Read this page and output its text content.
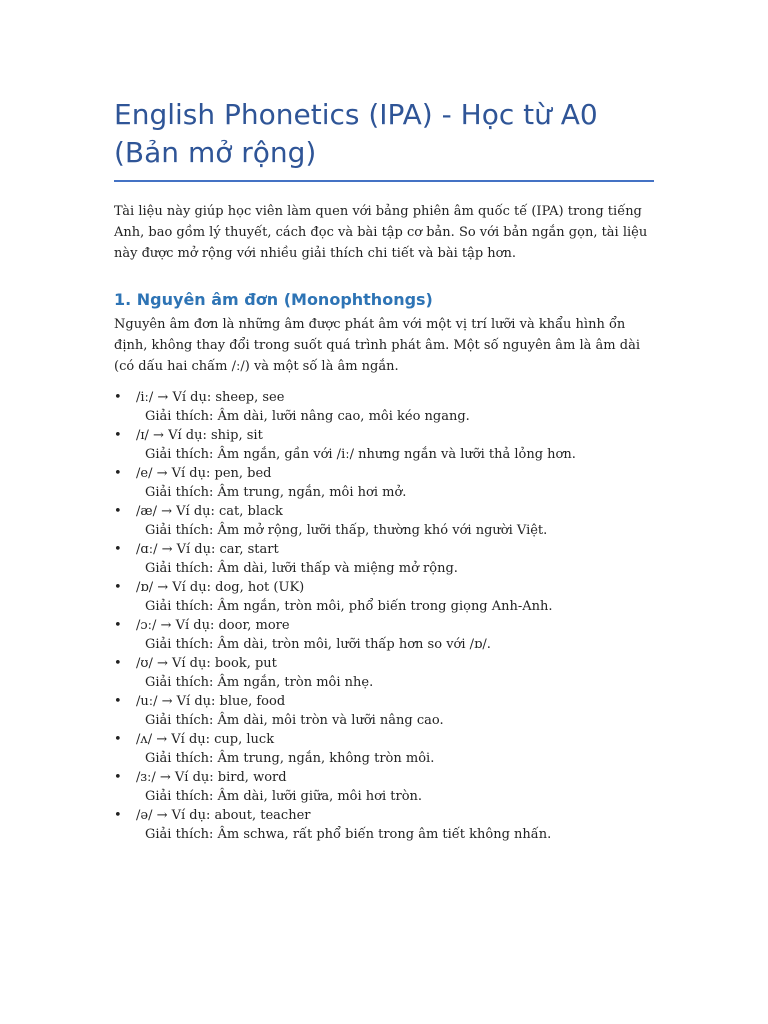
English Phonetics (IPA) - Học từ A0 (Bản mở rộng)

Tài liệu này giúp học viên làm quen với bảng phiên âm quốc tế (IPA) trong tiếng Anh, bao gồm lý thuyết, cách đọc và bài tập cơ bản. So với bản ngắn gọn, tài liệu này được mở rộng với nhiều giải thích chi tiết và bài tập hơn.

1. Nguyên âm đơn (Monophthongs)

Nguyên âm đơn là những âm được phát âm với một vị trí lưỡi và khẩu hình ổn định, không thay đổi trong suốt quá trình phát âm. Một số nguyên âm là âm dài (có dấu hai chấm /ː/) và một số là âm ngắn.

• /iː/ → Ví dụ: sheep, see
Giải thích: Âm dài, lưỡi nâng cao, môi kéo ngang.
• /ɪ/ → Ví dụ: ship, sit
Giải thích: Âm ngắn, gần với /iː/ nhưng ngắn và lưỡi thả lỏng hơn.
• /e/ → Ví dụ: pen, bed
Giải thích: Âm trung, ngắn, môi hơi mở.
• /æ/ → Ví dụ: cat, black
Giải thích: Âm mở rộng, lưỡi thấp, thường khó với người Việt.
• /ɑː/ → Ví dụ: car, start
Giải thích: Âm dài, lưỡi thấp và miệng mở rộng.
• /ɒ/ → Ví dụ: dog, hot (UK)
Giải thích: Âm ngắn, tròn môi, phổ biến trong giọng Anh-Anh.
• /ɔː/ → Ví dụ: door, more
Giải thích: Âm dài, tròn môi, lưỡi thấp hơn so với /ɒ/.
• /ʊ/ → Ví dụ: book, put
Giải thích: Âm ngắn, tròn môi nhẹ.
• /uː/ → Ví dụ: blue, food
Giải thích: Âm dài, môi tròn và lưỡi nâng cao.
• /ʌ/ → Ví dụ: cup, luck
Giải thích: Âm trung, ngắn, không tròn môi.
• /ɜː/ → Ví dụ: bird, word
Giải thích: Âm dài, lưỡi giữa, môi hơi tròn.
• /ə/ → Ví dụ: about, teacher
Giải thích: Âm schwa, rất phổ biến trong âm tiết không nhấn.
